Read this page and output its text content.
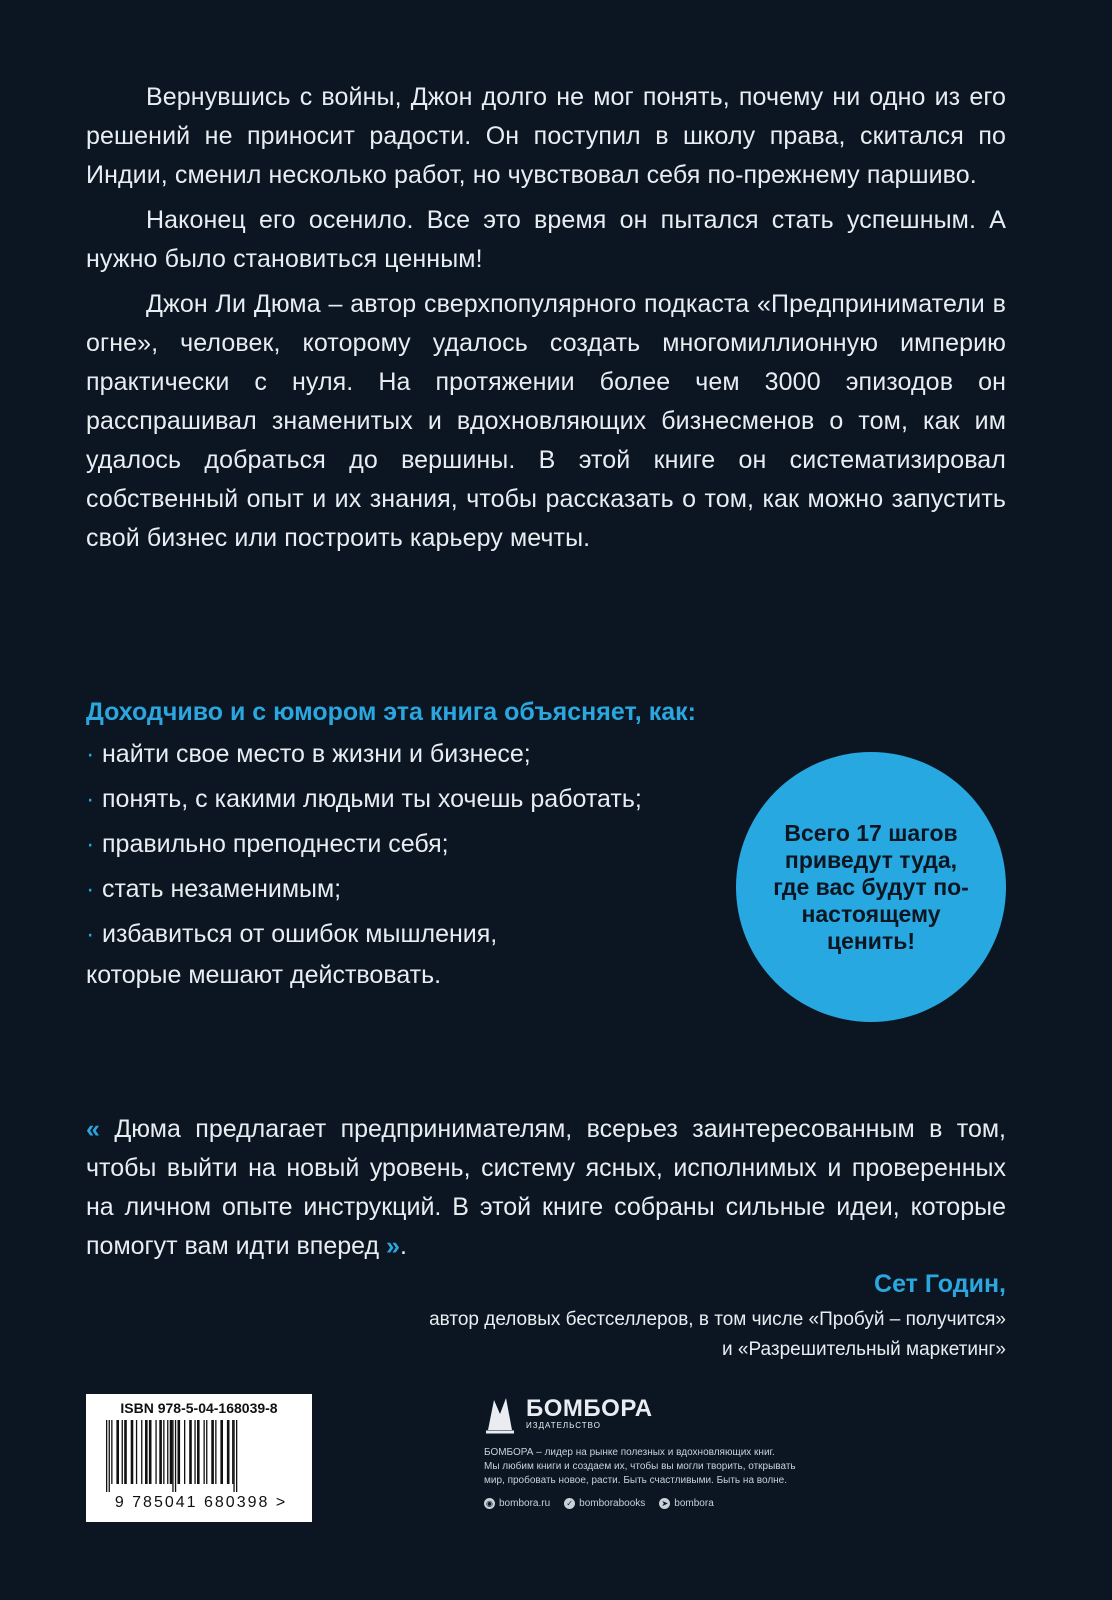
Вернувшись с войны, Джон долго не мог понять, почему ни одно из его решений не приносит радости. Он поступил в школу права, скитался по Индии, сменил несколько работ, но чувствовал себя по-прежнему паршиво.

Наконец его осенило. Все это время он пытался стать успешным. А нужно было становиться ценным!

Джон Ли Дюма – автор сверхпопулярного подкаста «Предприниматели в огне», человек, которому удалось создать многомиллионную империю практически с нуля. На протяжении более чем 3000 эпизодов он расспрашивал знаменитых и вдохновляющих бизнесменов о том, как им удалось добраться до вершины. В этой книге он систематизировал собственный опыт и их знания, чтобы рассказать о том, как можно запустить свой бизнес или построить карьеру мечты.

Доходчиво и с юмором эта книга объясняет, как:
· найти свое место в жизни и бизнесе;
· понять, с какими людьми ты хочешь работать;
· правильно преподнести себя;
· стать незаменимым;
· избавиться от ошибок мышления,
которые мешают действовать.
Всего 17 шагов приведут туда, где вас будут по-настоящему ценить!

« Дюма предлагает предпринимателям, всерьез заинтересованным в том, чтобы выйти на новый уровень, систему ясных, исполнимых и проверенных на личном опыте инструкций. В этой книге собраны сильные идеи, которые помогут вам идти вперед ».

Сет Годин,
автор деловых бестселлеров, в том числе «Пробуй – получится»
и «Разрешительный маркетинг»
ISBN 978-5-04-168039-8
9 785041 680398 >
БОМБОРА
ИЗДАТЕЛЬСТВО
БОМБОРА – лидер на рынке полезных и вдохновляющих книг.
Мы любим книги и создаем их, чтобы вы могли творить, открывать
мир, пробовать новое, расти. Быть счастливыми. Быть на волне.
◉ bombora.ru ✓ bomborabooks ➤ bombora
